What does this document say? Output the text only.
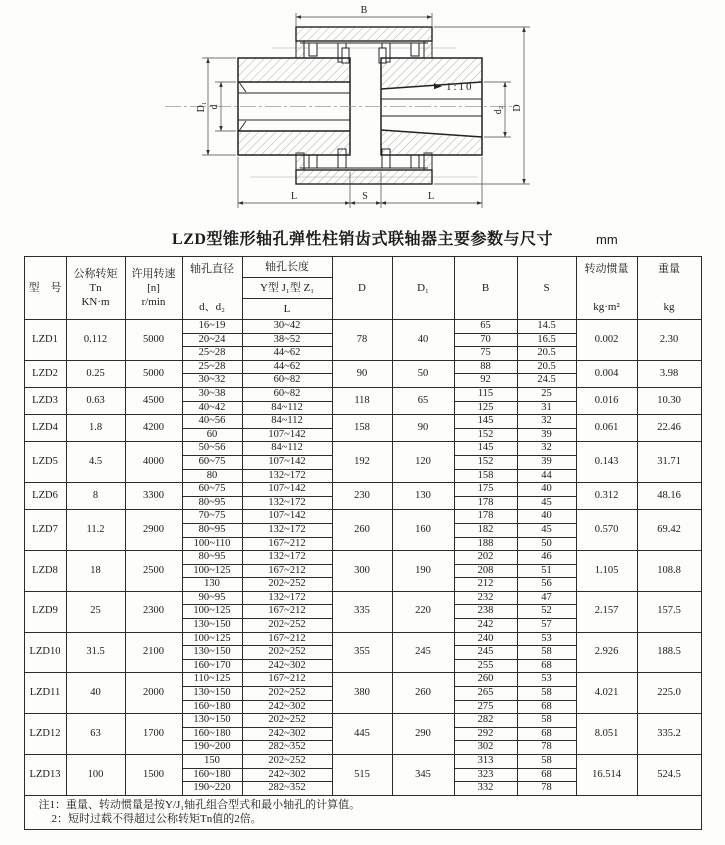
1:10
B
D
d₂
D₁ d
L	S	L
LZD型锥形轴孔弹性柱销齿式联轴器主要参数与尺寸	mm
型　号

公称转矩
Tn
KN·m

许用转速
[n]
r/min

轴孔直径
d、d₂

轴孔长度
Y型 J₁型 Z₁
L

D	D₁	B	S

转动惯量
kg·m²

重量
kg

LZD1	0.112	5000	16~19	30~42	78	40	65	14.5	0.002	2.30
			20~24	38~52			70	16.5		
			25~28	44~62			75	20.5		
LZD2	0.25	5000	25~28	44~62	90	50	88	20.5	0.004	3.98
			30~32	60~82			92	24.5		
LZD3	0.63	4500	30~38	60~82	118	65	115	25	0.016	10.30
			40~42	84~112			125	31		
LZD4	1.8	4200	40~56	84~112	158	90	145	32	0.061	22.46
			60	107~142			152	39		
LZD5	4.5	4000	50~56	84~112	192	120	145	32	0.143	31.71
			60~75	107~142			152	39		
			80	132~172			158	44		
LZD6	8	3300	60~75	107~142	230	130	175	40	0.312	48.16
			80~95	132~172			178	45		
LZD7	11.2	2900	70~75	107~142	260	160	178	40	0.570	69.42
			80~95	132~172			182	45		
			100~110	167~212			188	50		
LZD8	18	2500	80~95	132~172	300	190	202	46	1.105	108.8
			100~125	167~212			208	51		
			130	202~252			212	56		
LZD9	25	2300	90~95	132~172	335	220	232	47	2.157	157.5
			100~125	167~212			238	52		
			130~150	202~252			242	57		
LZD10	31.5	2100	100~125	167~212	355	245	240	53	2.926	188.5
			130~150	202~252			245	58		
			160~170	242~302			255	68		
LZD11	40	2000	110~125	167~212	380	260	260	53	4.021	225.0
			130~150	202~252			265	58		
			160~180	242~302			275	68		
LZD12	63	1700	130~150	202~252	445	290	282	58	8.051	335.2
			160~180	242~302			292	68		
			190~200	282~352			302	78		
LZD13	100	1500	150	202~252	515	345	313	58	16.514	524.5
			160~180	242~302			323	68		
			190~220	282~352			332	78		

注1：重量、转动惯量是按Y/J₁轴孔组合型式和最小轴孔的计算值。
2：短时过载不得超过公称转矩Tn值的2倍。										
